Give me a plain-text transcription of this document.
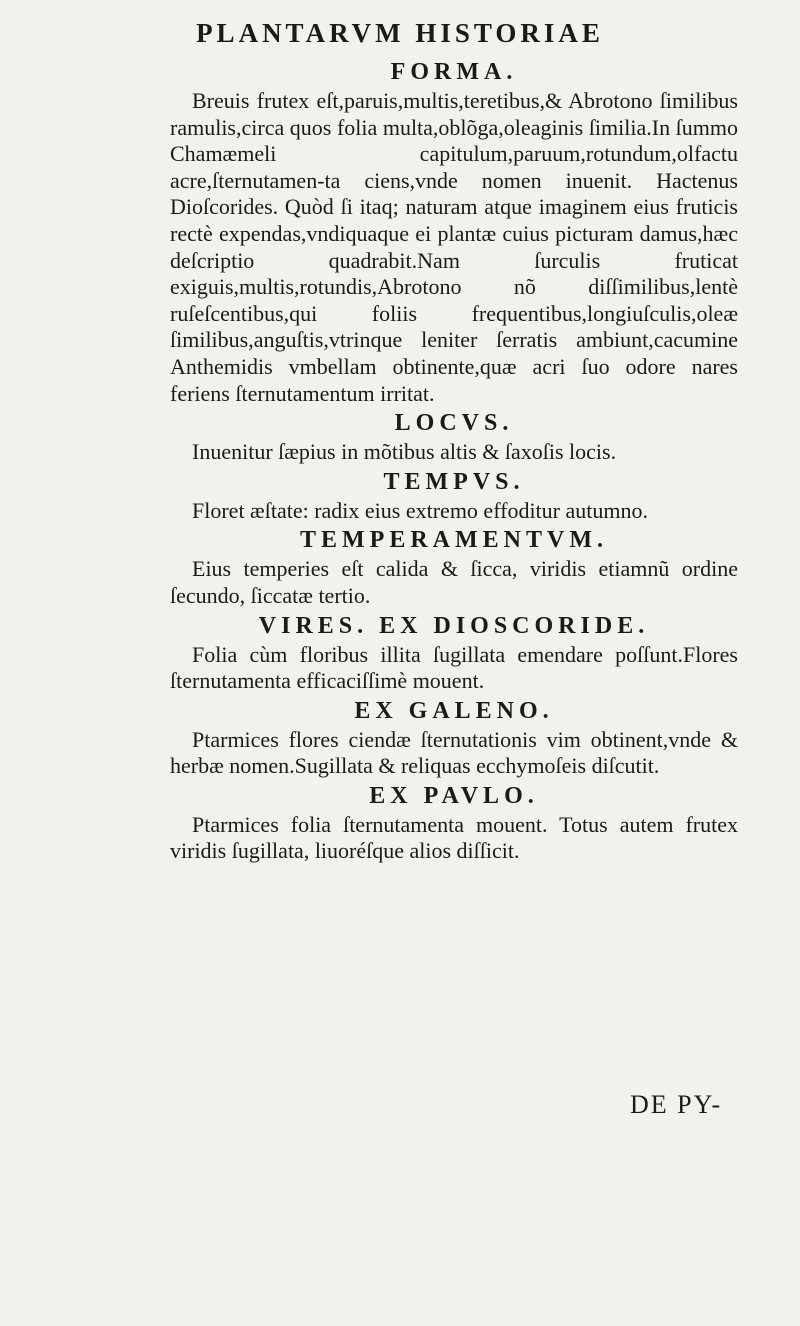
PLANTARVM HISTORIAE
FORMA.

Breuis frutex eſt,paruis,multis,teretibus,& Abrotono ſimilibus ramulis,circa quos folia multa,oblõga,oleaginis ſimilia.In ſummo Chamæmeli capitulum,paruum,rotundum,olfactu acre,ſternutamen-ta ciens,vnde nomen inuenit. Hactenus Dioſcorides. Quòd ſi itaq; naturam atque imaginem eius fruticis rectè expendas,vndiquaque ei plantæ cuius picturam damus,hæc deſcriptio quadrabit.Nam ſurculis fruticat exiguis,multis,rotundis,Abrotono nõ diſſimilibus,lentè ruſeſcentibus,qui foliis frequentibus,longiuſculis,oleæ ſimilibus,anguſtis,vtrinque leniter ſerratis ambiunt,cacumine Anthemidis vmbellam obtinente,quæ acri ſuo odore nares feriens ſternutamentum irritat.

LOCVS.

Inuenitur ſæpius in mõtibus altis & ſaxoſis locis.

TEMPVS.

Floret æſtate: radix eius extremo effoditur autumno.

TEMPERAMENTVM.

Eius temperies eſt calida & ſicca, viridis etiamnũ ordine ſecundo, ſiccatæ tertio.

VIRES. EX DIOSCORIDE.

Folia cùm floribus illita ſugillata emendare poſſunt.Flores ſternutamenta efficaciſſimè mouent.

EX GALENO.

Ptarmices flores ciendæ ſternutationis vim obtinent,vnde & herbæ nomen.Sugillata & reliquas ecchymoſeis diſcutit.

EX PAVLO.

Ptarmices folia ſternutamenta mouent. Totus autem frutex viridis ſugillata, liuoréſque alios diſſicit.

DE PY-
